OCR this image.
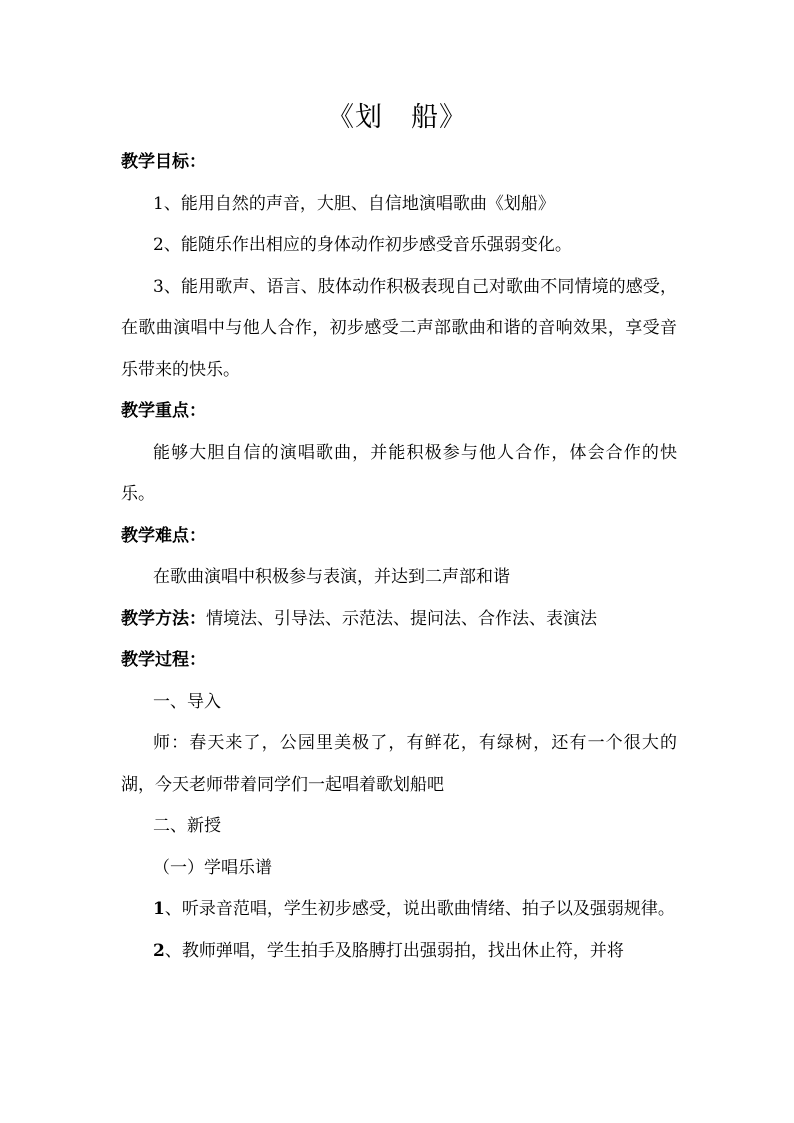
《划　船》

教学目标：

1、能用自然的声音，大胆、自信地演唱歌曲《划船》

2、能随乐作出相应的身体动作初步感受音乐强弱变化。

3、能用歌声、语言、肢体动作积极表现自己对歌曲不同情境的感受，在歌曲演唱中与他人合作，初步感受二声部歌曲和谐的音响效果，享受音乐带来的快乐。

教学重点：

能够大胆自信的演唱歌曲，并能积极参与他人合作，体会合作的快乐。

教学难点：

在歌曲演唱中积极参与表演，并达到二声部和谐

教学方法：情境法、引导法、示范法、提问法、合作法、表演法

教学过程：

一、导入

师：春天来了，公园里美极了，有鲜花，有绿树，还有一个很大的湖，今天老师带着同学们一起唱着歌划船吧

二、新授

（一）学唱乐谱

1、听录音范唱，学生初步感受，说出歌曲情绪、拍子以及强弱规律。

2、教师弹唱，学生拍手及胳膊打出强弱拍，找出休止符，并将
